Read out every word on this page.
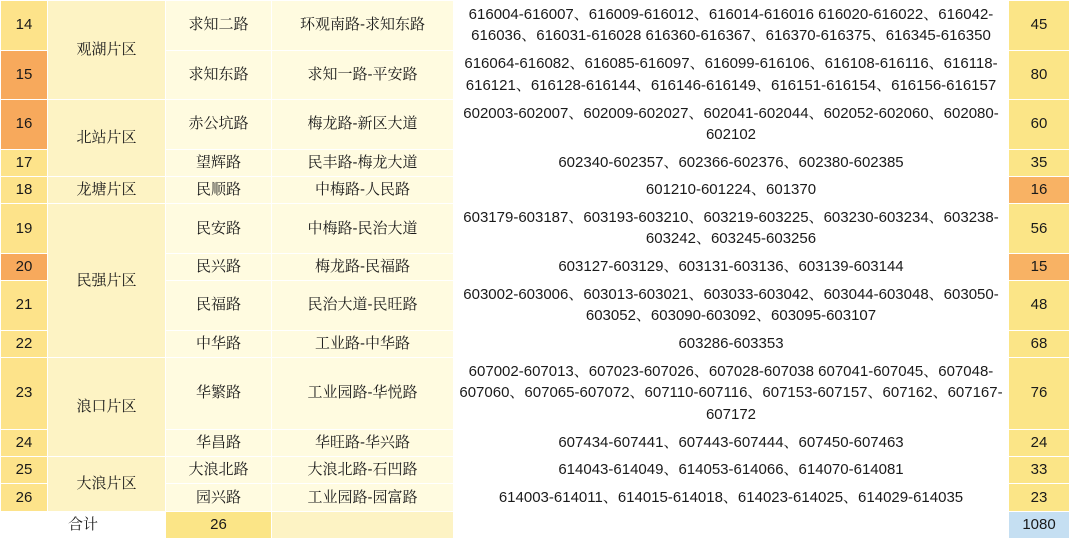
14	观湖片区	求知二路	环观南路-求知东路	616004-616007、616009-616012、616014-616016 616020-616022、616042-616036、616031-616028 616360-616367、616370-616375、616345-616350	45
15		求知东路	求知一路-平安路	616064-616082、616085-616097、616099-616106、616108-616116、616118-616121、616128-616144、616146-616149、616151-616154、616156-616157	80
16	北站片区	赤公坑路	梅龙路-新区大道	602003-602007、602009-602027、602041-602044、602052-602060、602080-602102	60
17		望辉路	民丰路-梅龙大道	602340-602357、602366-602376、602380-602385	35
18	龙塘片区	民顺路	中梅路-人民路	601210-601224、601370	16
19	民强片区	民安路	中梅路-民治大道	603179-603187、603193-603210、603219-603225、603230-603234、603238-603242、603245-603256	56
20		民兴路	梅龙路-民福路	603127-603129、603131-603136、603139-603144	15
21		民福路	民治大道-民旺路	603002-603006、603013-603021、603033-603042、603044-603048、603050-603052、603090-603092、603095-603107	48
22		中华路	工业路-中华路	603286-603353	68
23	浪口片区	华繁路	工业园路-华悦路	607002-607013、607023-607026、607028-607038 607041-607045、607048-607060、607065-607072、607110-607116、607153-607157、607162、607167-607172	76
24		华昌路	华旺路-华兴路	607434-607441、607443-607444、607450-607463	24
25	大浪片区	大浪北路	大浪北路-石凹路	614043-614049、614053-614066、614070-614081	33
26		园兴路	工业园路-园富路	614003-614011、614015-614018、614023-614025、614029-614035	23
合计		26			1080
